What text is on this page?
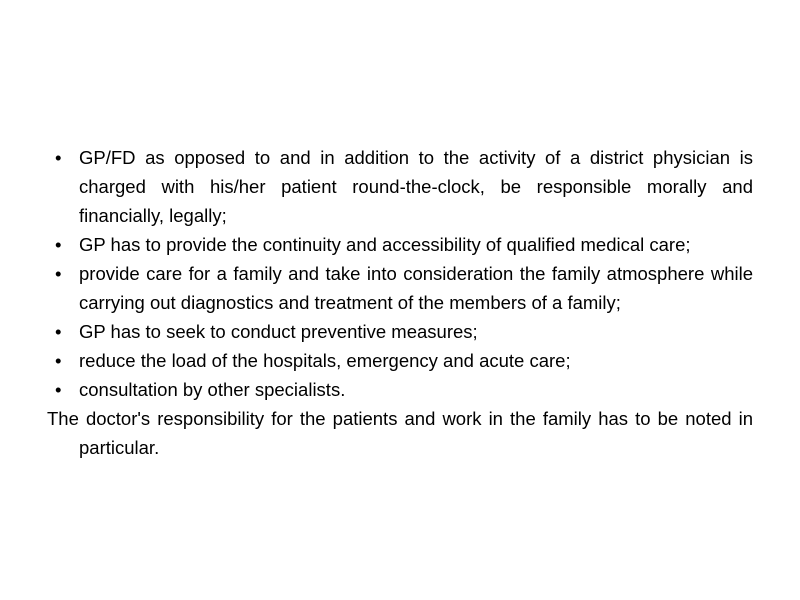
• GP/FD as opposed to and in addition to the activity of a district physician is charged with his/her patient round-the-clock, be responsible morally and financially, legally;
• GP has to provide the continuity and accessibility of qualified medical care;
• provide care for a family and take into consideration the family atmosphere while carrying out diagnostics and treatment of the members of a family;
• GP has to seek to conduct preventive measures;
• reduce the load of the hospitals, emergency and acute care;
• consultation by other specialists.

The doctor's responsibility for the patients and work in the family has to be noted in particular.
